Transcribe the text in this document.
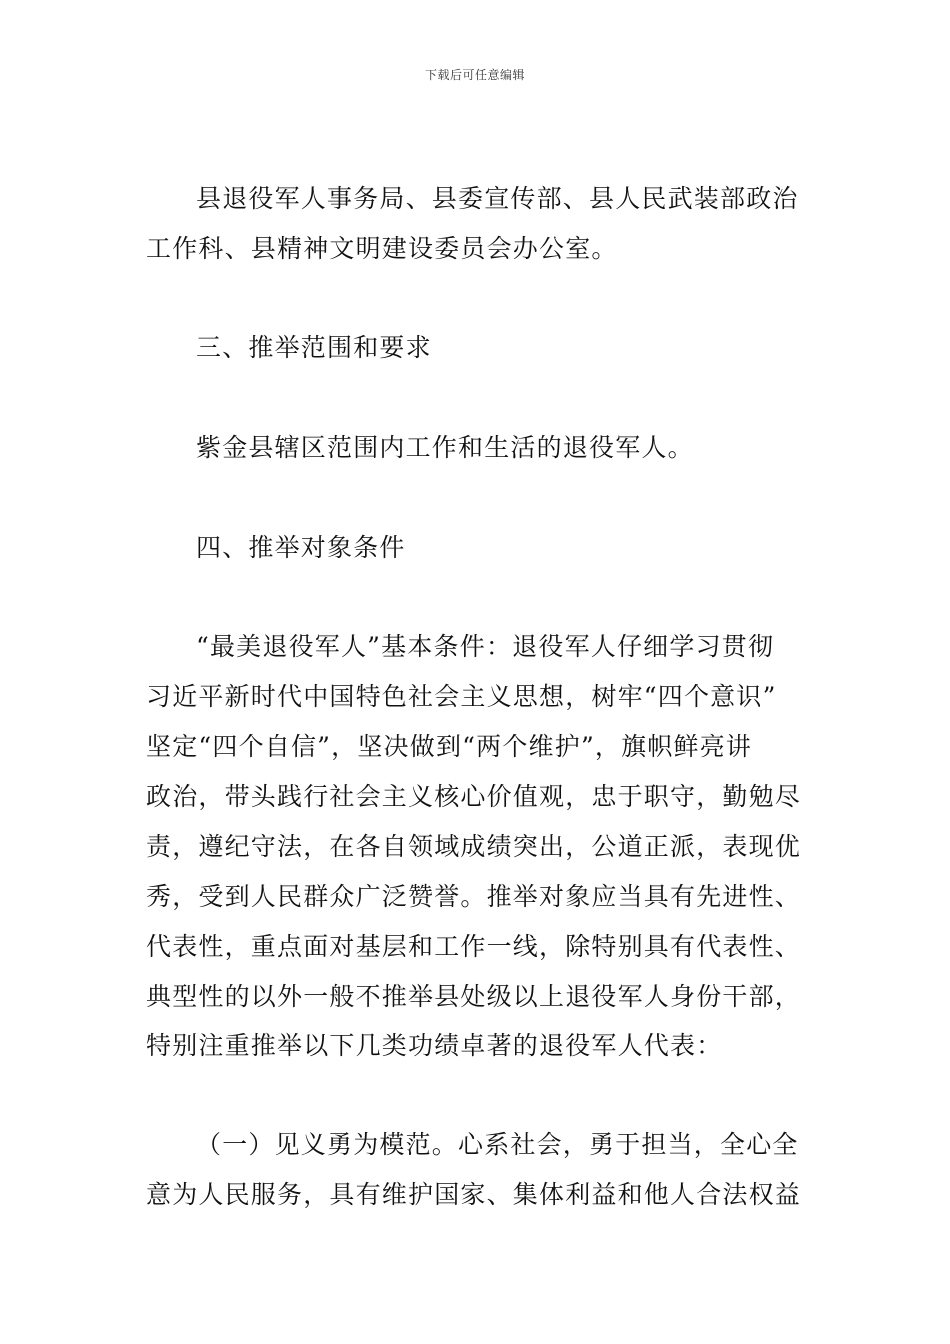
下载后可任意编辑
县退役军人事务局、县委宣传部、县人民武装部政治
工作科、县精神文明建设委员会办公室。
三、推举范围和要求
紫金县辖区范围内工作和生活的退役军人。
四、推举对象条件
“最美退役军人”基本条件：退役军人仔细学习贯彻
习近平新时代中国特色社会主义思想，树牢“四个意识”
坚定“四个自信”，坚决做到“两个维护”，旗帜鲜亮讲
政治，带头践行社会主义核心价值观，忠于职守，勤勉尽
责，遵纪守法，在各自领域成绩突出，公道正派，表现优
秀，受到人民群众广泛赞誉。推举对象应当具有先进性、
代表性，重点面对基层和工作一线，除特别具有代表性、
典型性的以外一般不推举县处级以上退役军人身份干部，
特别注重推举以下几类功绩卓著的退役军人代表：
（一）见义勇为模范。心系社会，勇于担当，全心全
意为人民服务，具有维护国家、集体利益和他人合法权益
